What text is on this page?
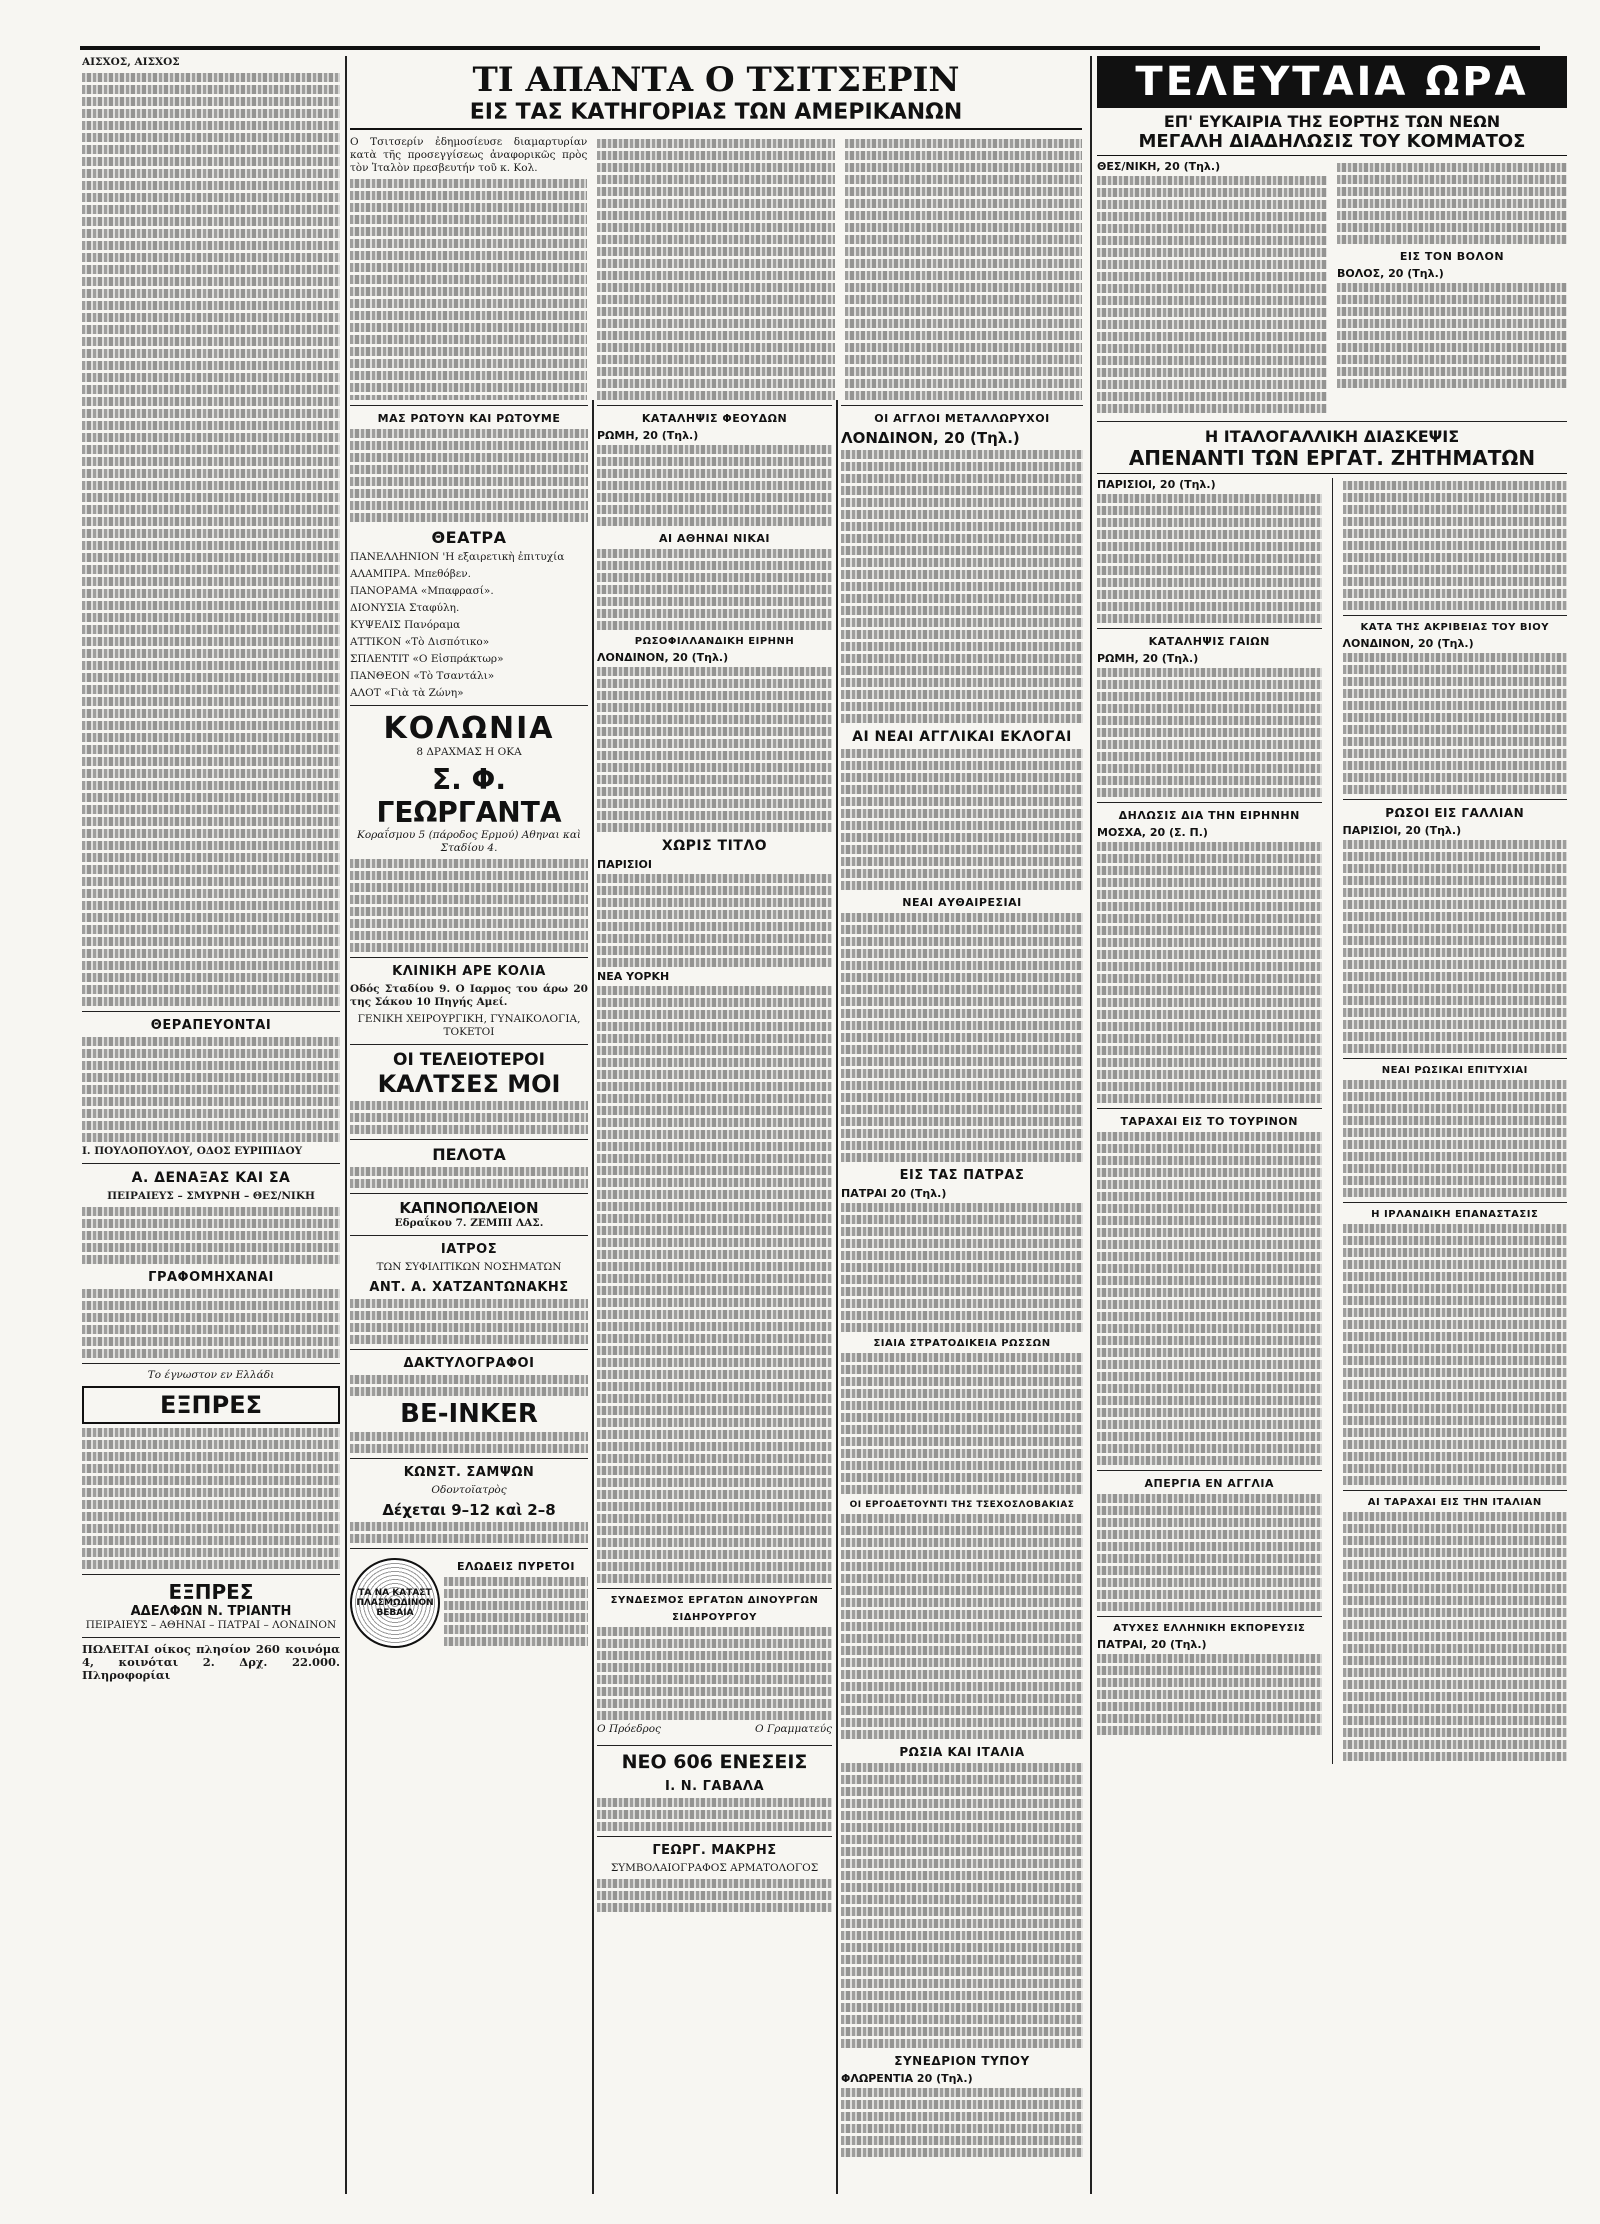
ΑΙΣΧΟΣ, ΑΙΣΧΟΣ
ΘΕΡΑΠΕΥΟΝΤΑΙ
Ι. ΠΟΥΛΟΠΟΥΛΟΥ, ΟΔΟΣ ΕΥΡΙΠΙΔΟΥ
Α. ΔΕΝΑΞΑΣ ΚΑΙ ΣΑ
ΠΕΙΡΑΙΕΥΣ – ΣΜΥΡΝΗ – ΘΕΣ/ΝΙΚΗ
ΓΡΑΦΟΜΗΧΑΝΑΙ
Το έγνωστον εν Ελλάδι
ΕΞΠΡΕΣ
ΕΞΠΡΕΣ
ΑΔΕΛΦΩΝ Ν. ΤΡΙΑΝΤΗ
ΠΕΙΡΑΙΕΥΣ – ΑΘΗΝΑΙ – ΠΑΤΡΑΙ – ΛΟΝΔΙΝΟΝ
ΠΩΛΕΙΤΑΙ οίκος πλησίον 260 κοινόμα 4, κοινόται 2. Δρχ. 22.000. Πληροφορίαι
ΤΙ ΑΠΑΝΤΑ Ο ΤΣΙΤΣΕΡΙΝ
ΕΙΣ ΤΑΣ ΚΑΤΗΓΟΡΙΑΣ ΤΩΝ ΑΜΕΡΙΚΑΝΩΝ
Ο Τσιτσερίν ἐδημοσίευσε διαμαρτυρίαν κατὰ τῆς προσεγγίσεως ἀναφορικῶς πρὸς τὸν Ἰταλὸν πρεσβευτήν τοῦ κ. Κολ.
ΜΑΣ ΡΩΤΟΥΝ ΚΑΙ ΡΩΤΟΥΜΕ
ΘΕΑΤΡΑ
ΠΑΝΕΛΛΗΝΙΟΝ 'Η εξαιρετικὴ ἐπιτυχία
ΑΛΑΜΠΡΑ. Μπεθόβεν.
ΠΑΝΟΡΑΜΑ «Μπαφρασί».
ΔΙΟΝΥΣΙΑ Σταφύλη.
ΚΥΨΕΛΙΣ Πανόραμα
ΑΤΤΙΚΟΝ «Τὸ Δισπότικο»
ΣΠΛΕΝΤΙΤ «Ο Εἰσπράκτωρ»
ΠΑΝΘΕΟΝ «Τὸ Τσαντάλι»
ΑΛΟΤ «Γιὰ τὰ Ζώνη»
ΚΟΛΩΝΙΑ
8 ΔΡΑΧΜΑΣ Η ΟΚΑ
Σ. Φ. ΓΕΩΡΓΑΝΤΑ
Κοραΐσμου 5 (πάροδος Ερμού) Αθηναι καὶ Σταδίου 4.
ΚΛΙΝΙΚΗ ΑΡΕ ΚΟΛΙΑ
Οδός Σταδίου 9. Ο Ιαρμος του άρω 20 της Σάκου 10 Πηγής Αμεί.
ΓΕΝΙΚΗ ΧΕΙΡΟΥΡΓΙΚΗ, ΓΥΝΑΙΚΟΛΟΓΙΑ, ΤΟΚΕΤΟΙ
ΟΙ ΤΕΛΕΙΟΤΕΡΟΙ
ΚΑΛΤΣΕΣ ΜΟΙ
ΠΕΛΟΤΑ
ΚΑΠΝΟΠΩΛΕΙΟΝ
Εδραΐκου 7. ΖΕΜΠΙ ΛΑΣ.
ΙΑΤΡΟΣ
ΤΩΝ ΣΥΦΙΛΙΤΙΚΩΝ ΝΟΣΗΜΑΤΩΝ
ΑΝΤ. Α. ΧΑΤΖΑΝΤΩΝΑΚΗΣ
ΔΑΚΤΥΛΟΓΡΑΦΟΙ
BE-INKER
ΚΩΝΣΤ. ΣΑΜΨΩΝ
Οδοντοϊατρὸς
Δέχεται 9–12 καὶ 2–8
ΤΑ ΝΑ ΚΑΤΑΣΤ ΠΛΑΣΜΩΔΙΝΟΝ ΒΕΒΑΙΑ
ΕΛΩΔΕΙΣ ΠΥΡΕΤΟΙ
ΚΑΤΑΛΗΨΙΣ ΦΕΟΥΔΩΝ
ΡΩΜΗ, 20 (Τηλ.)
ΑΙ ΑΘΗΝΑΙ ΝΙΚΑΙ
ΡΩΣΟΦΙΛΛΑΝΔΙΚΗ ΕΙΡΗΝΗ
ΛΟΝΔΙΝΟΝ, 20 (Τηλ.)
ΧΩΡΙΣ ΤΙΤΛΟ
ΠΑΡΙΣΙΟΙ
ΝΕΑ ΥΟΡΚΗ
ΣΥΝΔΕΣΜΟΣ ΕΡΓΑΤΩΝ ΔΙΝΟΥΡΓΩΝ
ΣΙΔΗΡΟΥΡΓΟΥ
Ο Πρόεδρος	Ο Γραμματεύς
ΝΕΟ 606 ΕΝΕΣΕΙΣ
Ι. Ν. ΓΑΒΑΛΑ
ΓΕΩΡΓ. ΜΑΚΡΗΣ
ΣΥΜΒΟΛΑΙΟΓΡΑΦΟΣ ΑΡΜΑΤΟΛΟΓΟΣ
ΟΙ ΑΓΓΛΟΙ ΜΕΤΑΛΛΩΡΥΧΟΙ
ΛΟΝΔΙΝΟΝ, 20 (Τηλ.)
ΑΙ ΝΕΑΙ ΑΓΓΛΙΚΑΙ ΕΚΛΟΓΑΙ
ΝΕΑΙ ΑΥΘΑΙΡΕΣΙΑΙ
ΕΙΣ ΤΑΣ ΠΑΤΡΑΣ
ΠΑΤΡΑΙ 20 (Τηλ.)
ΣΙΑΙΑ ΣΤΡΑΤΟΔΙΚΕΙΑ ΡΩΣΣΩΝ
ΟΙ ΕΡΓΟΔΕΤΟΥΝΤΙ ΤΗΣ ΤΣΕΧΟΣΛΟΒΑΚΙΑΣ
ΡΩΣΙΑ ΚΑΙ ΙΤΑΛΙΑ
ΣΥΝΕΔΡΙΟΝ ΤΥΠΟΥ
ΦΛΩΡΕΝΤΙΑ 20 (Τηλ.)
ΤΕΛΕΥΤΑΙΑ ΩΡΑ
ΕΠ' ΕΥΚΑΙΡΙΑ ΤΗΣ ΕΟΡΤΗΣ ΤΩΝ ΝΕΩΝ
ΜΕΓΑΛΗ ΔΙΑΔΗΛΩΣΙΣ ΤΟΥ ΚΟΜΜΑΤΟΣ
ΘΕΣ/ΝΙΚΗ, 20 (Τηλ.)
ΕΙΣ ΤΟΝ ΒΟΛΟΝ
ΒΟΛΟΣ, 20 (Τηλ.)
Η ΙΤΑΛΟΓΑΛΛΙΚΗ ΔΙΑΣΚΕΨΙΣ
ΑΠΕΝΑΝΤΙ ΤΩΝ ΕΡΓΑΤ. ΖΗΤΗΜΑΤΩΝ
ΠΑΡΙΣΙΟΙ, 20 (Τηλ.)
ΚΑΤΑΛΗΨΙΣ ΓΑΙΩΝ
ΡΩΜΗ, 20 (Τηλ.)
ΔΗΛΩΣΙΣ ΔΙΑ ΤΗΝ ΕΙΡΗΝΗΝ
ΜΟΣΧΑ, 20 (Σ. Π.)
ΤΑΡΑΧΑΙ ΕΙΣ ΤΟ ΤΟΥΡΙΝΟΝ
ΑΠΕΡΓΙΑ ΕΝ ΑΓΓΛΙΑ
ΑΤΥΧΕΣ ΕΛΛΗΝΙΚΗ ΕΚΠΟΡΕΥΣΙΣ
ΠΑΤΡΑΙ, 20 (Τηλ.)
ΚΑΤΑ ΤΗΣ ΑΚΡΙΒΕΙΑΣ ΤΟΥ ΒΙΟΥ
ΛΟΝΔΙΝΟΝ, 20 (Τηλ.)
ΡΩΣΟΙ ΕΙΣ ΓΑΛΛΙΑΝ
ΠΑΡΙΣΙΟΙ, 20 (Τηλ.)
ΝΕΑΙ ΡΩΣΙΚΑΙ ΕΠΙΤΥΧΙΑΙ
Η ΙΡΛΑΝΔΙΚΗ ΕΠΑΝΑΣΤΑΣΙΣ
ΑΙ ΤΑΡΑΧΑΙ ΕΙΣ ΤΗΝ ΙΤΑΛΙΑΝ
